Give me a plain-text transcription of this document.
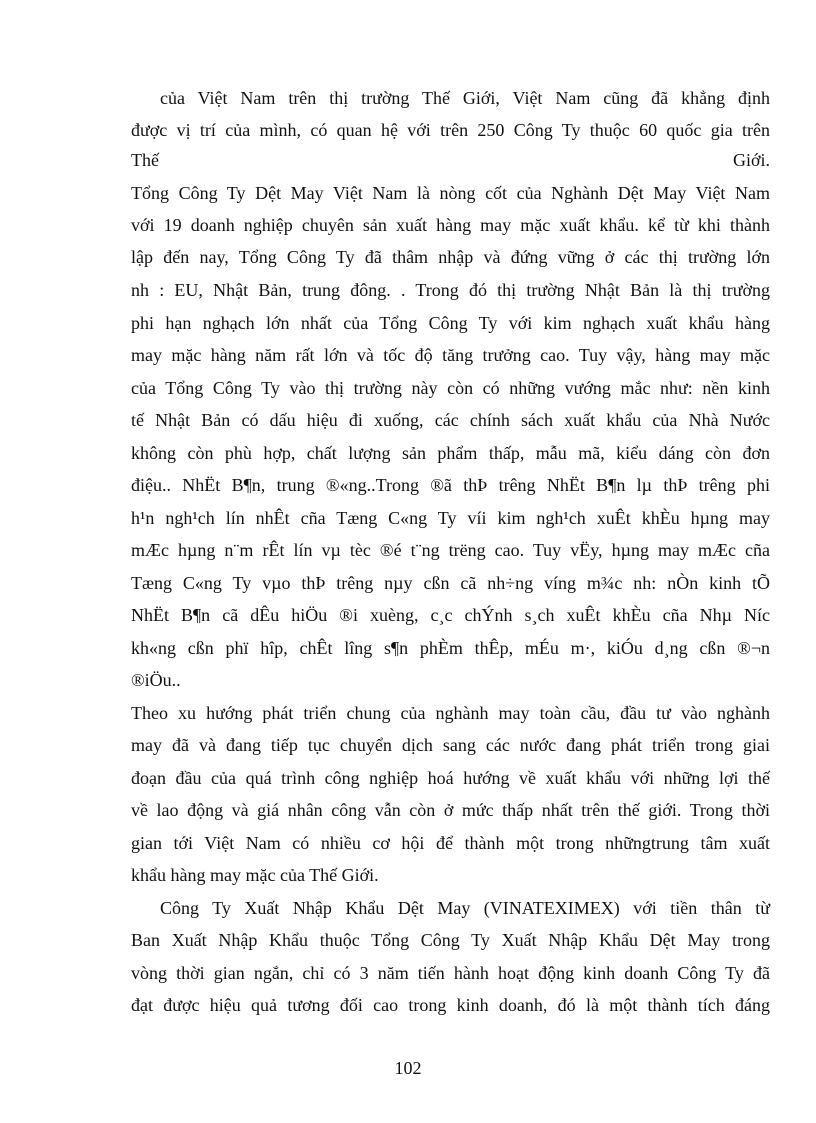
của Việt Nam trên thị trường Thế Giới, Việt Nam cũng đã khẳng định
được vị trí của mình, có quan hệ với trên 250 Công Ty thuộc 60 quốc gia trên
Thế Giới.
Tổng Công Ty Dệt May Việt Nam là nòng cốt của Nghành Dệt May Việt Nam
với 19 doanh nghiệp chuyên sản xuất hàng may mặc xuất khẩu. kể từ khi thành
lập đến nay, Tổng Công Ty đã thâm nhập và đứng vững ở các thị trường lớn
nh : EU, Nhật Bản, trung đông. . Trong đó thị trường Nhật Bản là thị trường
phi hạn nghạch lớn nhất của Tổng Công Ty với kim nghạch xuất khẩu hàng
may mặc hàng năm rất lớn và tốc độ tăng trưởng cao. Tuy vậy, hàng may mặc
của Tổng Công Ty vào thị trường này còn có những vướng mắc như: nền kinh
tế Nhật Bản có dấu hiệu đi xuống, các chính sách xuất khẩu của Nhà Nước
không còn phù hợp, chất lượng sản phẩm thấp, mẫu mã, kiểu dáng còn đơn
điệu.. NhËt B¶n, trung ®«ng..Trong ®ã thÞ trêng NhËt B¶n lµ thÞ trêng phi
h¹n ngh¹ch lín nhÊt cña Tæng C«ng Ty víi kim ngh¹ch xuÊt khÈu hµng may
mÆc hµng n¨m rÊt lín vµ tèc ®é t¨ng trëng cao. Tuy vËy, hµng may mÆc cña
Tæng C«ng Ty vµo thÞ trêng nµy cßn cã nh÷ng víng m¾c nh: nÒn kinh tÕ
NhËt B¶n cã dÊu hiÖu ®i xuèng, c¸c chÝnh s¸ch xuÊt khÈu cña Nhµ Níc
kh«ng cßn phï hîp, chÊt lîng s¶n phÈm thÊp, mÉu m·, kiÓu d¸ng cßn ®¬n
®iÖu..
Theo xu hướng phát triển chung của nghành may toàn cầu, đầu tư vào nghành
may đã và đang tiếp tục chuyển dịch sang các nước đang phát triển trong giai
đoạn đầu của quá trình công nghiệp hoá hướng về xuất khẩu với những lợi thế
về lao động và giá nhân công vẫn còn ở mức thấp nhất trên thế giới. Trong thời
gian tới Việt Nam có nhiều cơ hội để thành một trong nhữngtrung tâm xuất
khẩu hàng may mặc của Thế Giới.
Công Ty Xuất Nhập Khẩu Dệt May (VINATEXIMEX) với tiền thân từ
Ban Xuất Nhập Khẩu thuộc Tổng Công Ty Xuất Nhập Khẩu Dệt May trong
vòng thời gian ngắn, chỉ có 3 năm tiến hành hoạt động kinh doanh Công Ty đã
đạt được hiệu quả tương đối cao trong kinh doanh, đó là một thành tích đáng
102
